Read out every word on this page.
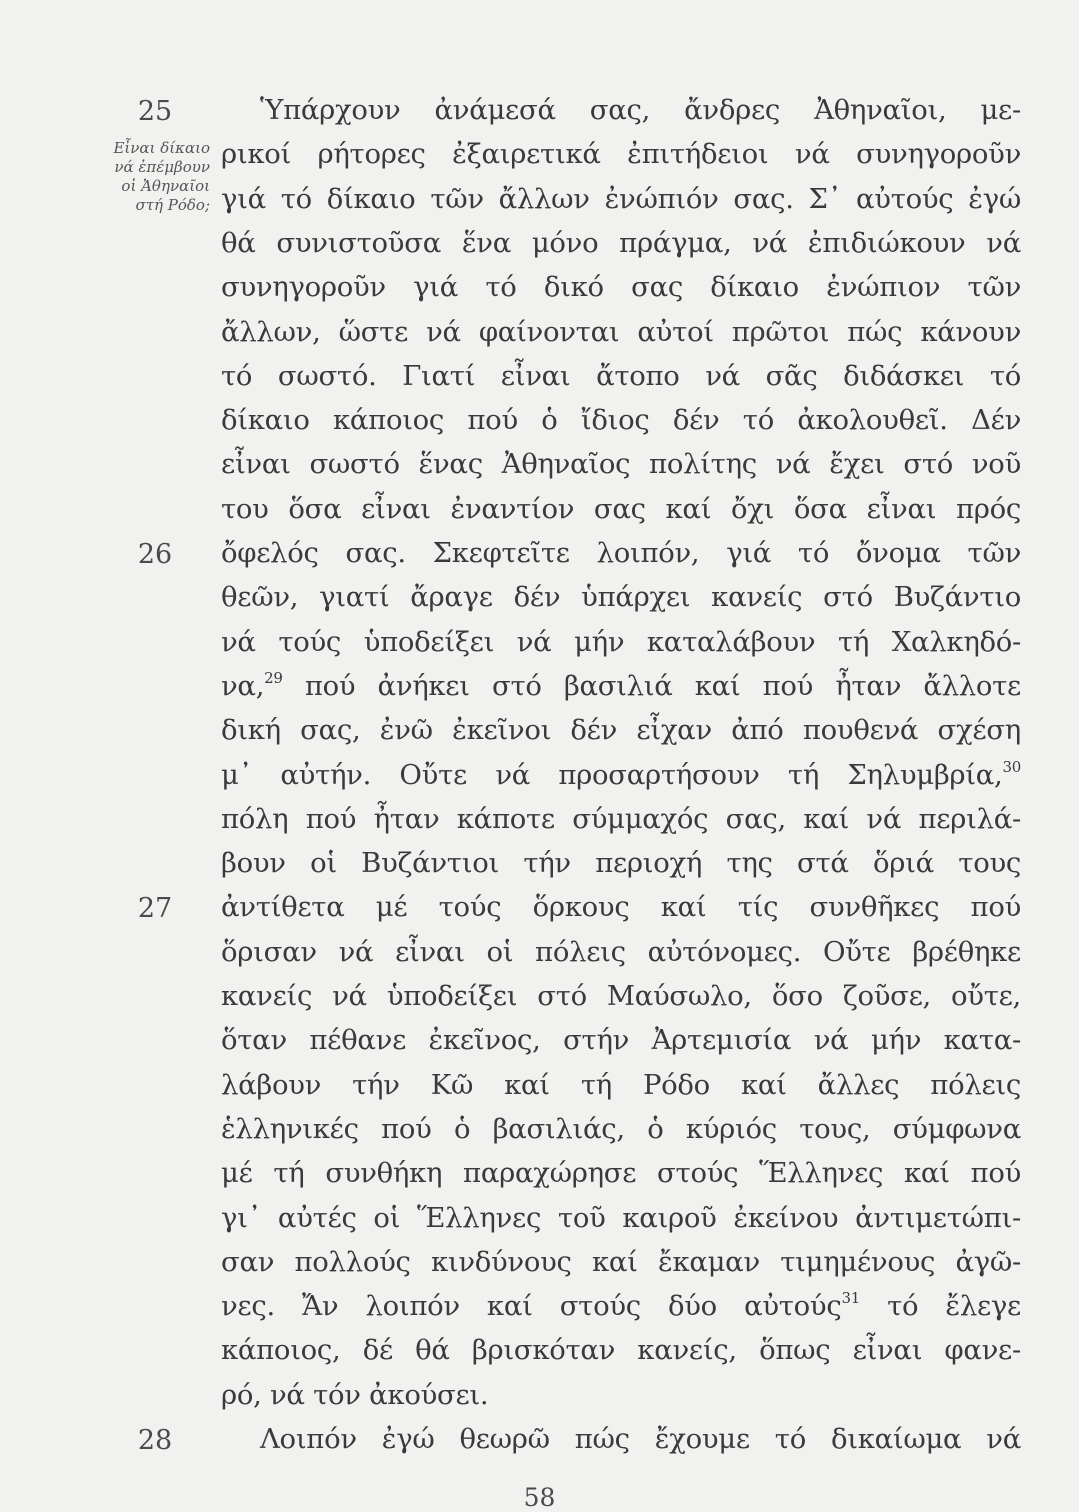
25
Εἶναι δίκαιο
νά ἐπέμβουν
οἱ Ἀθηναῖοι
στή Ρόδο;
26
27
28
Ὑπάρχουν ἀνάμεσά σας, ἄνδρες Ἀθηναῖοι, με-
ρικοί ρήτορες ἐξαιρετικά ἐπιτήδειοι νά συνηγοροῦν
γιά τό δίκαιο τῶν ἄλλων ἐνώπιόν σας. Σ᾽ αὐτούς ἐγώ
θά συνιστοῦσα ἕνα μόνο πράγμα, νά ἐπιδιώκουν νά
συνηγοροῦν γιά τό δικό σας δίκαιο ἐνώπιον τῶν
ἄλλων, ὥστε νά φαίνονται αὐτοί πρῶτοι πώς κάνουν
τό σωστό. Γιατί εἶναι ἄτοπο νά σᾶς διδάσκει τό
δίκαιο κάποιος πού ὁ ἴδιος δέν τό ἀκολουθεῖ. Δέν
εἶναι σωστό ἕνας Ἀθηναῖος πολίτης νά ἔχει στό νοῦ
του ὅσα εἶναι ἐναντίον σας καί ὄχι ὅσα εἶναι πρός
ὄφελός σας. Σκεφτεῖτε λοιπόν, γιά τό ὄνομα τῶν
θεῶν, γιατί ἄραγε δέν ὑπάρχει κανείς στό Βυζάντιο
νά τούς ὑποδείξει νά μήν καταλάβουν τή Χαλκηδό-
να,$^{29}$ πού ἀνήκει στό βασιλιά καί πού ἦταν ἄλλοτε
δική σας, ἐνῶ ἐκεῖνοι δέν εἶχαν ἀπό πουθενά σχέση
μ᾽ αὐτήν. Οὔτε νά προσαρτήσουν τή Σηλυμβρία,$^{30}$
πόλη πού ἦταν κάποτε σύμμαχός σας, καί νά περιλά-
βουν οἱ Βυζάντιοι τήν περιοχή της στά ὅριά τους
ἀντίθετα μέ τούς ὅρκους καί τίς συνθῆκες πού
ὅρισαν νά εἶναι οἱ πόλεις αὐτόνομες. Οὔτε βρέθηκε
κανείς νά ὑποδείξει στό Μαύσωλο, ὅσο ζοῦσε, οὔτε,
ὅταν πέθανε ἐκεῖνος, στήν Ἀρτεμισία νά μήν κατα-
λάβουν τήν Κῶ καί τή Ρόδο καί ἄλλες πόλεις
ἑλληνικές πού ὁ βασιλιάς, ὁ κύριός τους, σύμφωνα
μέ τή συνθήκη παραχώρησε στούς Ἕλληνες καί πού
γι᾽ αὐτές οἱ Ἕλληνες τοῦ καιροῦ ἐκείνου ἀντιμετώπι-
σαν πολλούς κινδύνους καί ἔκαμαν τιμημένους ἀγῶ-
νες. Ἄν λοιπόν καί στούς δύο αὐτούς$^{31}$ τό ἔλεγε
κάποιος, δέ θά βρισκόταν κανείς, ὅπως εἶναι φανε-
ρό, νά τόν ἀκούσει.
Λοιπόν ἐγώ θεωρῶ πώς ἔχουμε τό δικαίωμα νά
58
